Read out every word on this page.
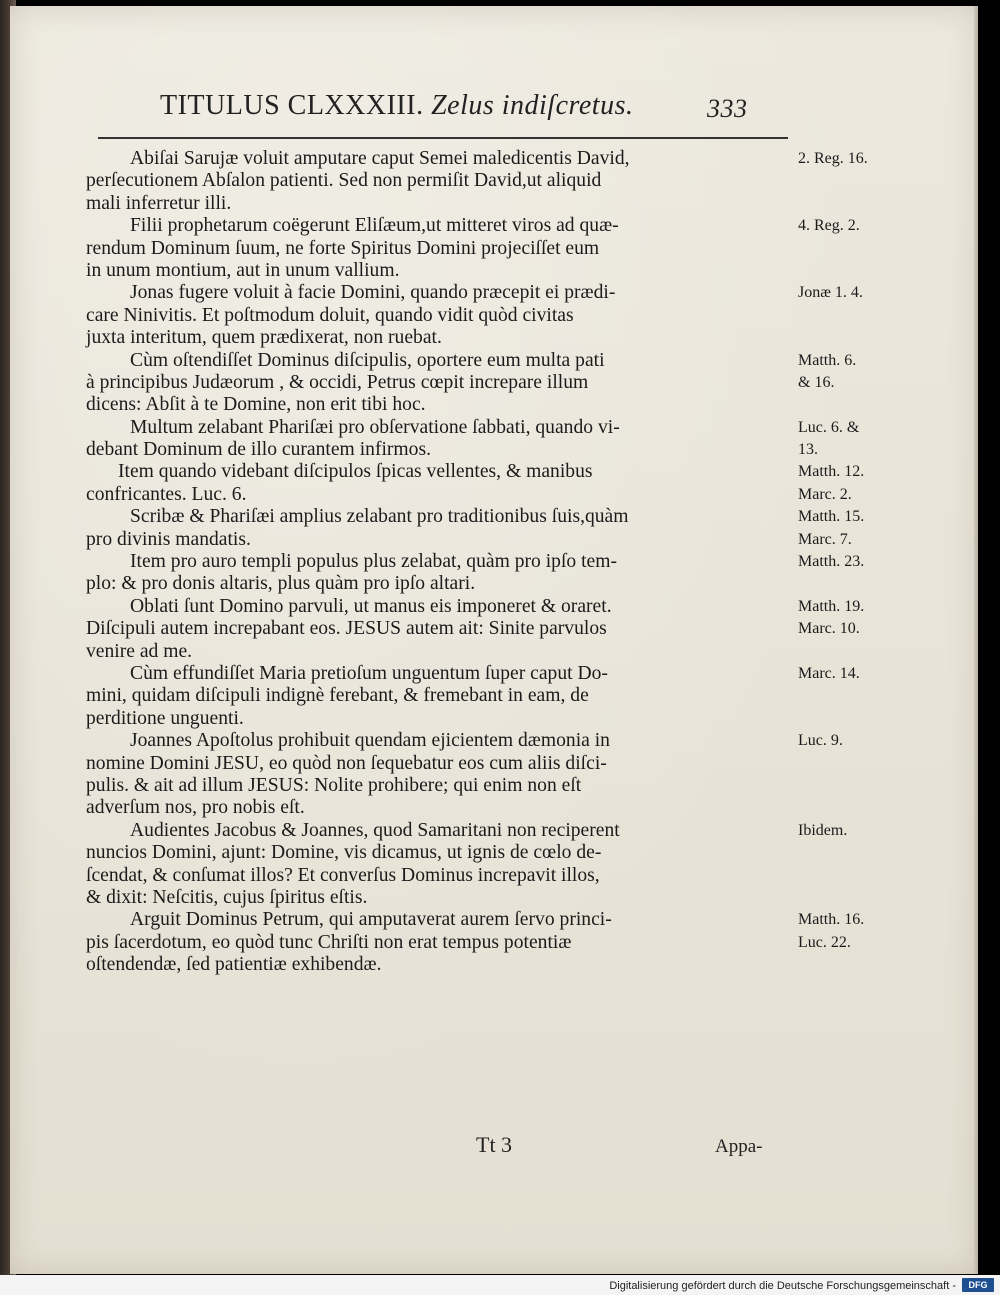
TITULUS CLXXXIII. Zelus indiſcretus.	333
Abiſai Sarujæ voluit amputare caput Semei maledicentis David,
perſecutionem Abſalon patienti. Sed non permiſit David,ut aliquid
mali inferretur illi.
Filii prophetarum coëgerunt Eliſæum,ut mitteret viros ad quæ-
rendum Dominum ſuum, ne forte Spiritus Domini projeciſſet eum
in unum montium, aut in unum vallium.
Jonas fugere voluit à facie Domini, quando præcepit ei prædi-
care Ninivitis. Et poſtmodum doluit, quando vidit quòd civitas
juxta interitum, quem prædixerat, non ruebat.
Cùm oſtendiſſet Dominus diſcipulis, oportere eum multa pati
à principibus Judæorum , & occidi, Petrus cœpit increpare illum
dicens: Abſit à te Domine, non erit tibi hoc.
Multum zelabant Phariſæi pro obſervatione ſabbati, quando vi-
debant Dominum de illo curantem infirmos.
Item quando videbant diſcipulos ſpicas vellentes, & manibus
confricantes. Luc. 6.
Scribæ & Phariſæi amplius zelabant pro traditionibus ſuis,quàm
pro divinis mandatis.
Item pro auro templi populus plus zelabat, quàm pro ipſo tem-
plo: & pro donis altaris, plus quàm pro ipſo altari.
Oblati ſunt Domino parvuli, ut manus eis imponeret & oraret.
Diſcipuli autem increpabant eos. JESUS autem ait: Sinite parvulos
venire ad me.
Cùm effundiſſet Maria pretioſum unguentum ſuper caput Do-
mini, quidam diſcipuli indignè ferebant, & fremebant in eam, de
perditione unguenti.
Joannes Apoſtolus prohibuit quendam ejicientem dæmonia in
nomine Domini JESU, eo quòd non ſequebatur eos cum aliis diſci-
pulis. & ait ad illum JESUS: Nolite prohibere; qui enim non eſt
adverſum nos, pro nobis eſt.
Audientes Jacobus & Joannes, quod Samaritani non reciperent
nuncios Domini, ajunt: Domine, vis dicamus, ut ignis de cœlo de-
ſcendat, & conſumat illos? Et converſus Dominus increpavit illos,
& dixit: Neſcitis, cujus ſpiritus eſtis.
Arguit Dominus Petrum, qui amputaverat aurem ſervo princi-
pis ſacerdotum, eo quòd tunc Chriſti non erat tempus potentiæ
oſtendendæ, ſed patientiæ exhibendæ.
2. Reg. 16.
4. Reg. 2.
Jonæ 1. 4.
Matth. 6.
& 16.
Luc. 6. &
13.
Matth. 12.
Marc. 2.
Matth. 15.
Marc. 7.
Matth. 23.
Matth. 19.
Marc. 10.
Marc. 14.
Luc. 9.
Ibidem.
Matth. 16.
Luc. 22.
Tt 3	Appa-
Digitalisierung gefördert durch die Deutsche Forschungsgemeinschaft -	DFG
